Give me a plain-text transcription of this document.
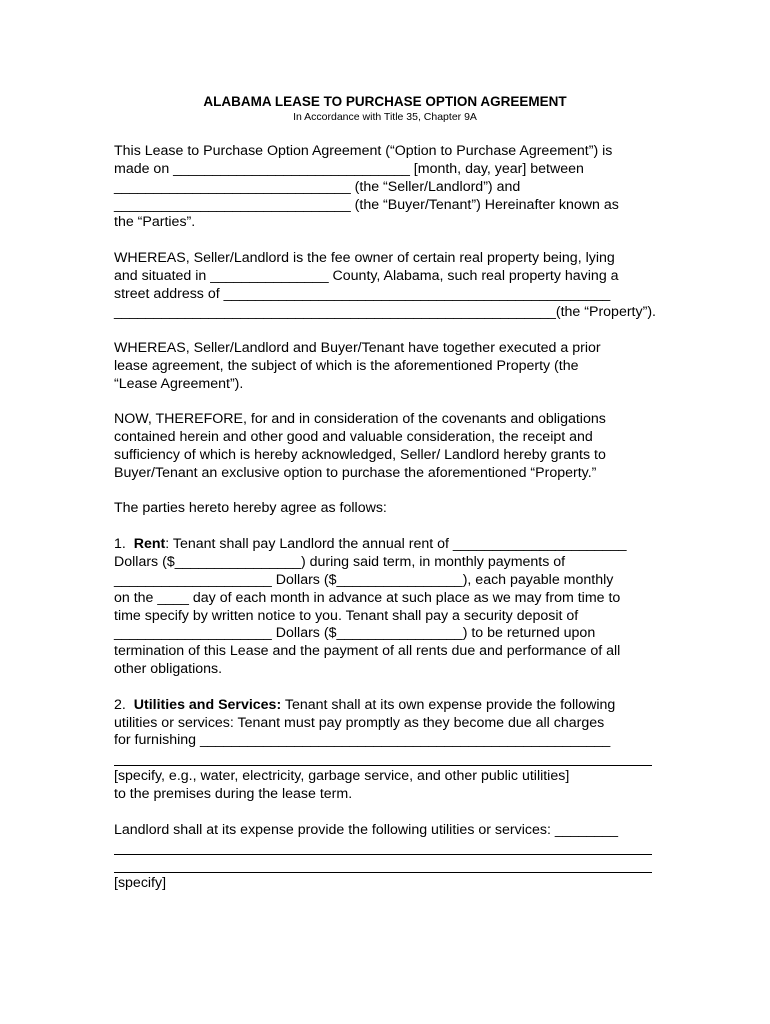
ALABAMA LEASE TO PURCHASE OPTION AGREEMENT
In Accordance with Title 35, Chapter 9A
This Lease to Purchase Option Agreement (“Option to Purchase Agreement”) is
made on ______________________________ [month, day, year] between
______________________________ (the “Seller/Landlord”) and
______________________________ (the “Buyer/Tenant”) Hereinafter known as
the “Parties”.
WHEREAS, Seller/Landlord is the fee owner of certain real property being, lying
and situated in _______________ County, Alabama, such real property having a
street address of _________________________________________________
________________________________________________________(the “Property”).
WHEREAS, Seller/Landlord and Buyer/Tenant have together executed a prior
lease agreement, the subject of which is the aforementioned Property (the
“Lease Agreement”).
NOW, THEREFORE, for and in consideration of the covenants and obligations
contained herein and other good and valuable consideration, the receipt and
sufficiency of which is hereby acknowledged, Seller/ Landlord hereby grants to
Buyer/Tenant an exclusive option to purchase the aforementioned “Property.”
The parties hereto hereby agree as follows:
1.  Rent: Tenant shall pay Landlord the annual rent of ______________________
Dollars ($________________) during said term, in monthly payments of
____________________ Dollars ($________________), each payable monthly
on the ____ day of each month in advance at such place as we may from time to
time specify by written notice to you. Tenant shall pay a security deposit of
____________________ Dollars ($________________) to be returned upon
termination of this Lease and the payment of all rents due and performance of all
other obligations.
2.  Utilities and Services: Tenant shall at its own expense provide the following
utilities or services: Tenant must pay promptly as they become due all charges
for furnishing ____________________________________________________
[specify, e.g., water, electricity, garbage service, and other public utilities]
to the premises during the lease term.
Landlord shall at its expense provide the following utilities or services: ________
[specify]
